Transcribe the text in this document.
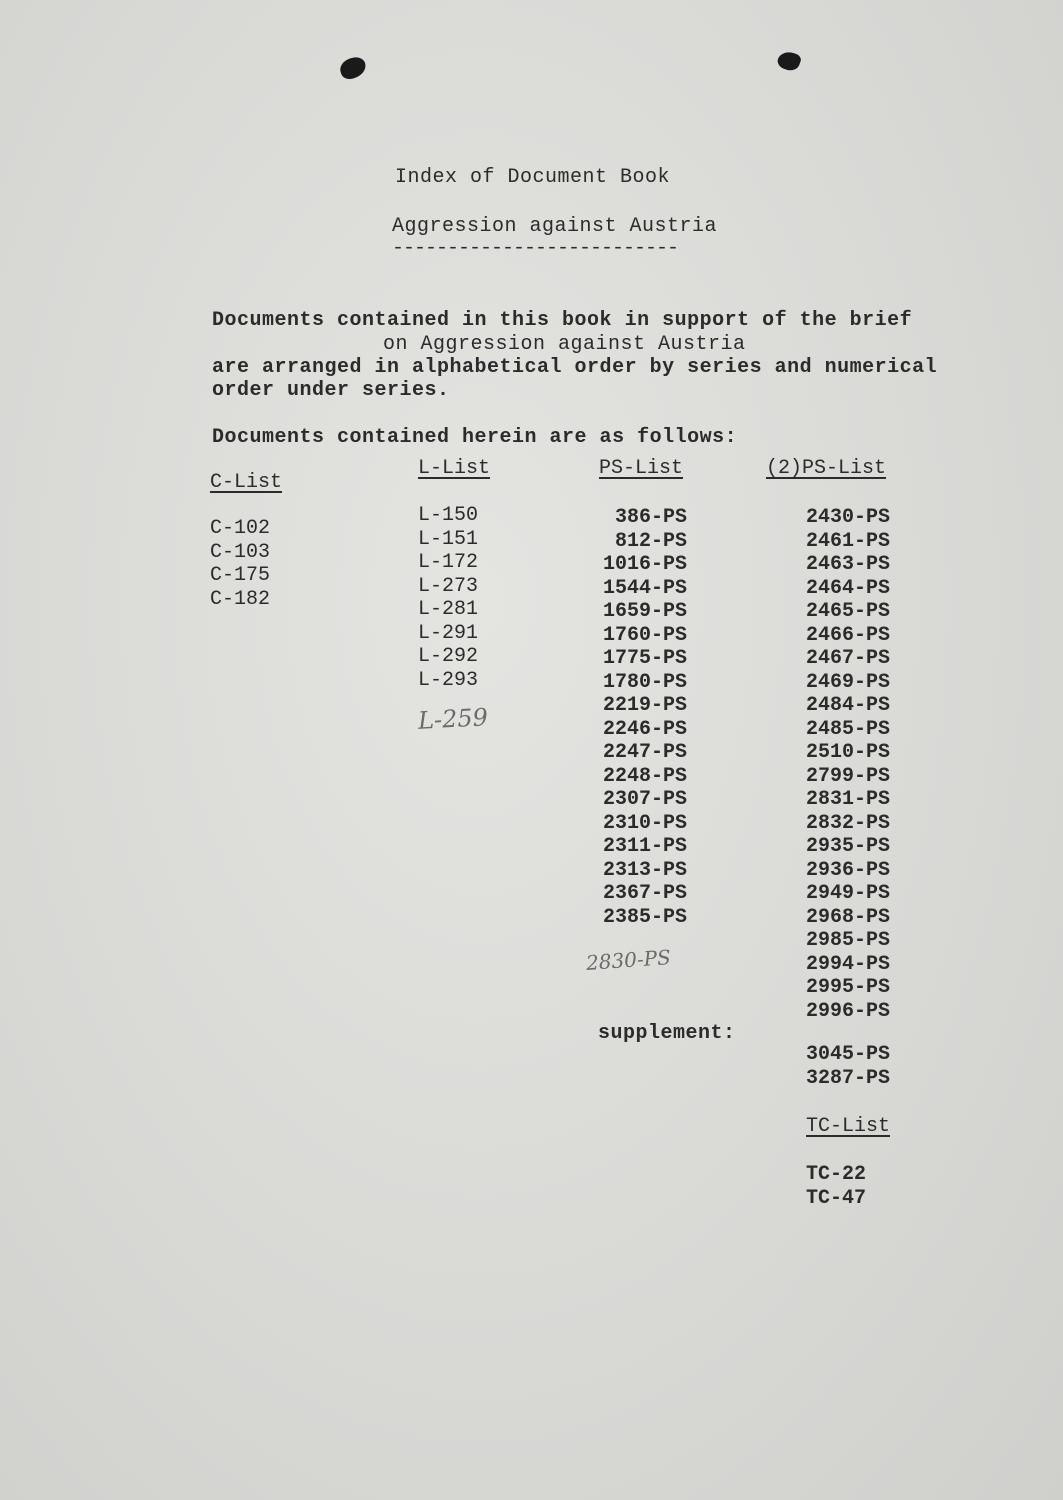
Index of Document Book
Aggression against Austria
--------------------------
Documents contained in this book in support of the brief
on Aggression against Austria
are arranged in alphabetical order by series and numerical
order under series.
Documents contained herein are as follows:
C-List
L-List	PS-List	(2)PS-List
C-102
C-103
C-175
C-182
L-150
L-151
L-172
L-273
L-281
L-291
L-292
L-293
L-259
386-PS
812-PS
1016-PS
1544-PS
1659-PS
1760-PS
1775-PS
1780-PS
2219-PS
2246-PS
2247-PS
2248-PS
2307-PS
2310-PS
2311-PS
2313-PS
2367-PS
2385-PS
2830-PS
2430-PS
2461-PS
2463-PS
2464-PS
2465-PS
2466-PS
2467-PS
2469-PS
2484-PS
2485-PS
2510-PS
2799-PS
2831-PS
2832-PS
2935-PS
2936-PS
2949-PS
2968-PS
2985-PS
2994-PS
2995-PS
2996-PS
supplement:
3045-PS
3287-PS
TC-List
TC-22
TC-47
